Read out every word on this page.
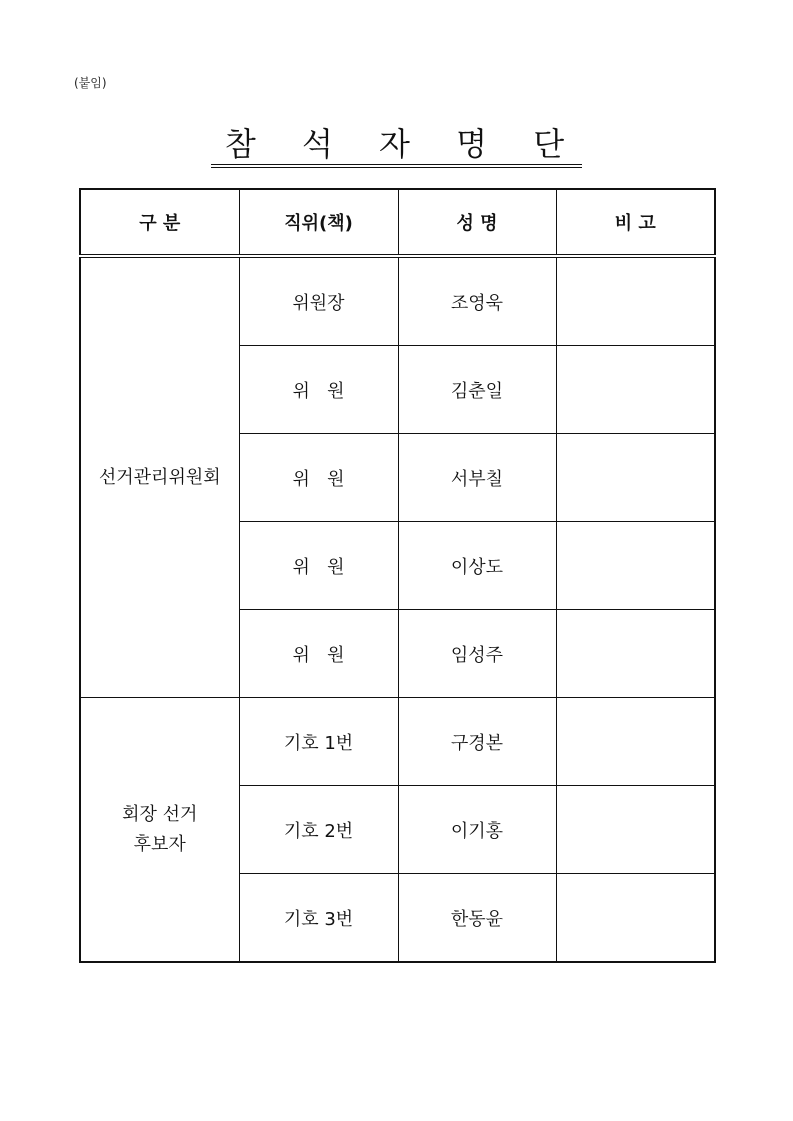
(붙임)
참 석 자 명 단
구 분	직위(책)	성 명	비 고
선거관리위원회	위원장	조영욱	
	위   원	김춘일	
	위   원	서부칠	
	위   원	이상도	
	위   원	임성주	
회장 선거
후보자	기호 1번	구경본	
	기호 2번	이기홍	
	기호 3번	한동윤	
